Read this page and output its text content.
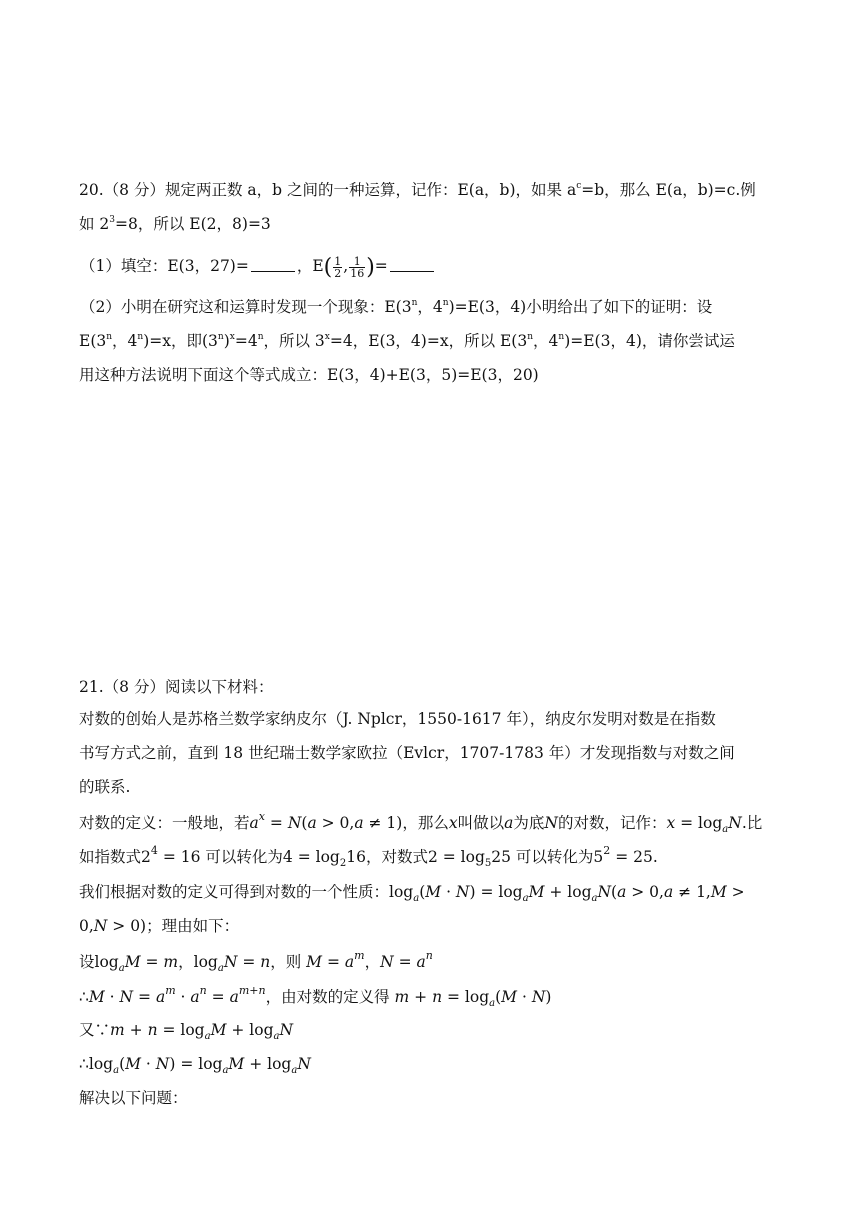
20.（8 分）规定两正数 a，b 之间的一种运算，记作：E(a，b)，如果 $a^c=b$，那么 E(a，b)=c.例
如 $2^3=8$，所以 E(2，8)=3
（1）填空：E(3，27)=	，$E( \frac{1}{2}$ , $\frac{1}{16}$ )=
（2）小明在研究这和运算时发现一个现象：E(3$^n$，$4^n)=E(3$，4)小明给出了如下的证明：设
E(3$^n$，$4^n)=x$，即$(3^n)^x=4^n$，所以 $3^x=4$，E(3，4)=x，所以 E(3$^n$，$4^n)=E(3$，4)，请你尝试运
用这种方法说明下面这个等式成立：E(3，4)+E(3，5)=E(3，20)
21.（8 分）阅读以下材料：
对数的创始人是苏格兰数学家纳皮尔（J. Nplcr，1550-1617 年），纳皮尔发明对数是在指数
书写方式之前，直到 18 世纪瑞士数学家欧拉（Evlcr，1707-1783 年）才发现指数与对数之间
的联系.
对数的定义：一般地，若$a^x = N(a > 0,a \ne 1)$，那么x叫做以a为底N的对数，记作：$x = \log_aN$.比
如指数式$2^4 = 16$ 可以转化为$4 = \log_216$，对数式$2 = \log_525$ 可以转化为$5^2 = 25$.
我们根据对数的定义可得到对数的一个性质：$\log_a(M \cdot N) = \log_aM + \log_aN(a > 0,a \ne 1,M$ >
0,N > 0)；理由如下：
设$\log_aM = m$，$\log_aN = n$，则 $M = a^m$，$N = a^n$
∴M · $N = a^m \cdot a^n = a^{m+n}$，由对数的定义得 $m + n = \log_a(M \cdot N)$
又∵m + $n = \log_aM + \log_aN$
$\therefore\log_a(M \cdot N) = \log_aM + \log_aN$
解决以下问题：
